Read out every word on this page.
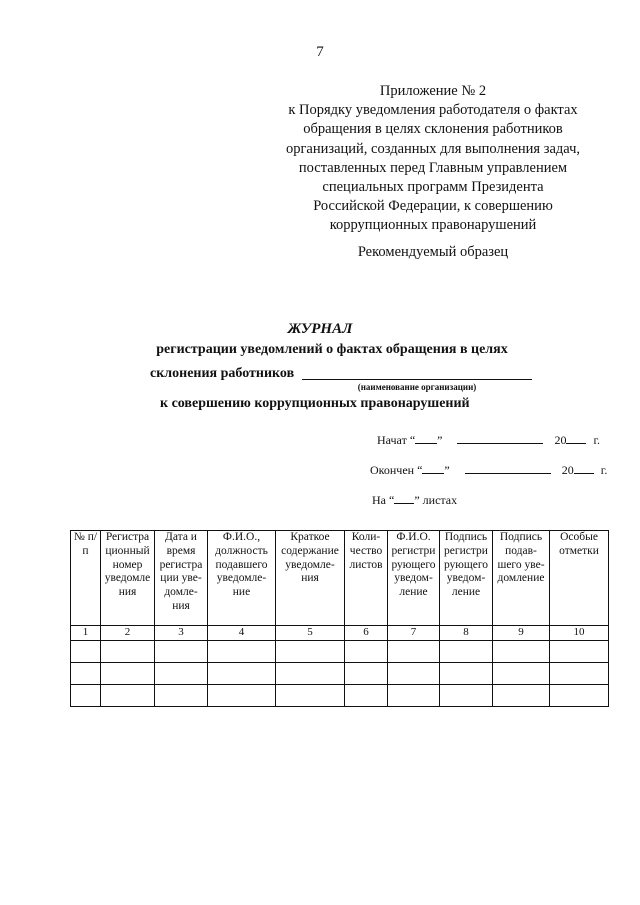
7
Приложение № 2
к Порядку уведомления работодателя о фактах
обращения в целях склонения работников
организаций, созданных для выполнения задач,
поставленных перед Главным управлением
специальных программ Президента
Российской Федерации, к совершению
коррупционных правонарушений
Рекомендуемый образец
ЖУРНАЛ
регистрации уведомлений о фактах обращения в целях
склонения работников
(наименование организации)
к совершению коррупционных правонарушений
Начат “ ”	20 г.
Окончен “ ”	20 г.
На “ ” листах
№ п/п	Регистра ционный номер уведомле ния	Дата и время регистра ции уве- домле- ния	Ф.И.О., должность подавшего уведомле- ние	Краткое содержание уведомле- ния	Коли- чество листов	Ф.И.О. регистри рующего уведом- ление	Подпись регистри рующего уведом- ление	Подпись подав- шего уве- домление	Особые отметки
1	2	3	4	5	6	7	8	9	10
